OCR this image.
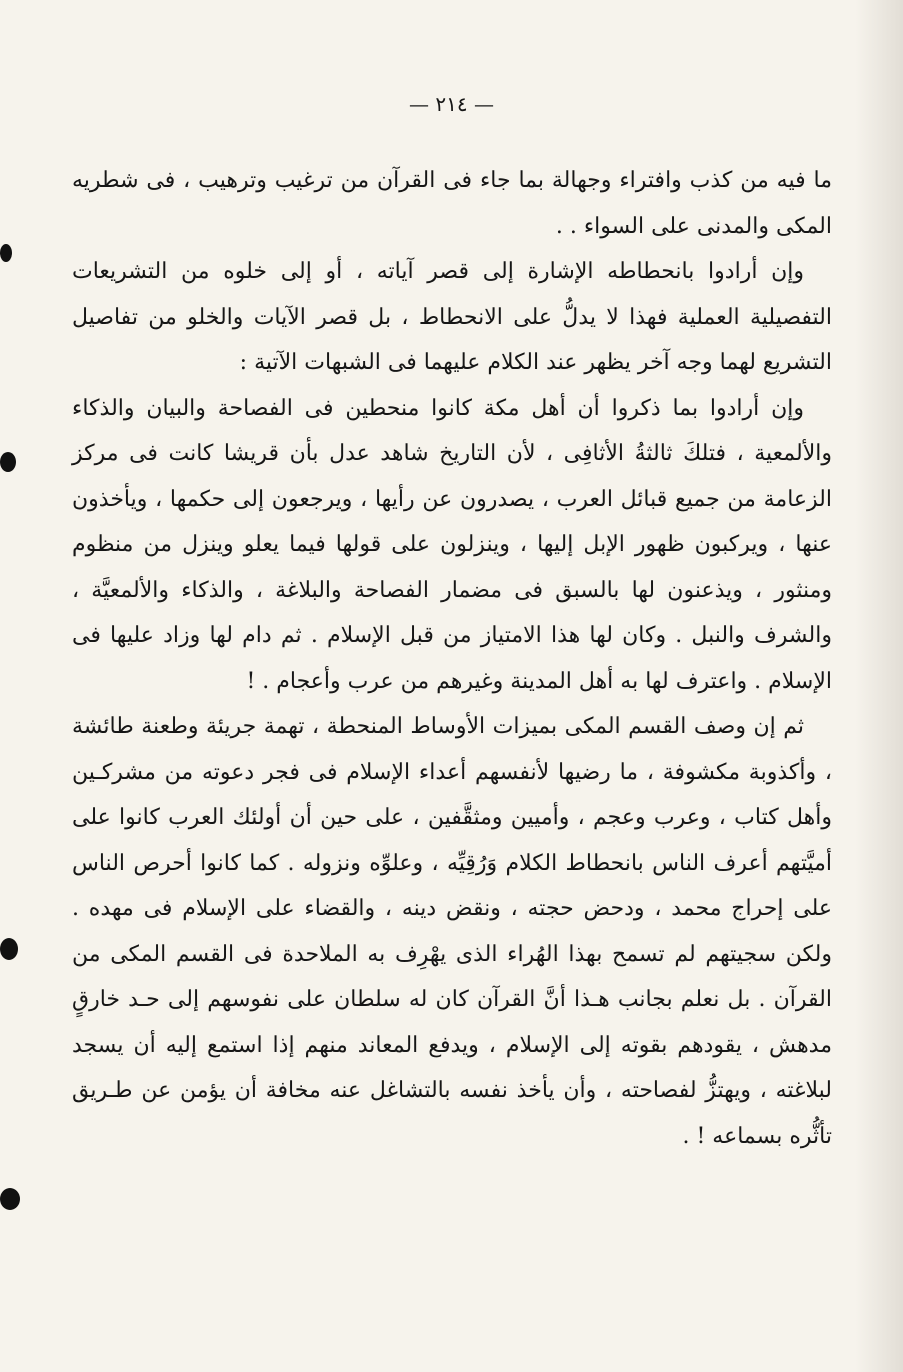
— ٢١٤ —

ما فيه من كذب وافتراء وجهالة بما جاء فى القرآن من ترغيب وترهيب ، فى شطريه المكى والمدنى على السواء . .

وإن أرادوا بانحطاطه الإشارة إلى قصر آياته ، أو إلى خلوه من التشريعات التفصيلية العملية فهذا لا يدلُّ على الانحطاط ، بل قصر الآيات والخلو من تفاصيل التشريع لهما وجه آخر يظهر عند الكلام عليهما فى الشبهات الآتية :

وإن أرادوا بما ذكروا أن أهل مكة كانوا منحطين فى الفصاحة والبيان والذكاء والألمعية ، فتلكَ ثالثةُ الأثافِى ، لأن التاريخ شاهد عدل بأن قريشا كانت فى مركز الزعامة من جميع قبائل العرب ، يصدرون عن رأيها ، ويرجعون إلى حكمها ، ويأخذون عنها ، ويركبون ظهور الإبل إليها ، وينزلون على قولها فيما يعلو وينزل من منظوم ومنثور ، ويذعنون لها بالسبق فى مضمار الفصاحة والبلاغة ، والذكاء والألمعيَّة ، والشرف والنبل . وكان لها هذا الامتياز من قبل الإسلام . ثم دام لها وزاد عليها فى الإسلام . واعترف لها به أهل المدينة وغيرهم من عرب وأعجام . !

ثم إن وصف القسم المكى بميزات الأوساط المنحطة ، تهمة جريئة وطعنة طائشة ، وأكذوبة مكشوفة ، ما رضيها لأنفسهم أعداء الإسلام فى فجر دعوته من مشركـين وأهل كتاب ، وعرب وعجم ، وأميين ومثقَّفين ، على حين أن أولئك العرب كانوا على أميَّتهم أعرف الناس بانحطاط الكلام وَرُقِيِّه ، وعلوِّه ونزوله . كما كانوا أحرص الناس على إحراج محمد ، ودحض حجته ، ونقض دينه ، والقضاء على الإسلام فى مهده . ولكن سجيتهم لم تسمح بهذا الهُراء الذى يهْرِف به الملاحدة فى القسم المكى من القرآن . بل نعلم بجانب هـذا أنَّ القرآن كان له سلطان على نفوسهم إلى حـد خارقٍ مدهش ، يقودهم بقوته إلى الإسلام ، ويدفع المعاند منهم إذا استمع إليه أن يسجد لبلاغته ، ويهتزُّ لفصاحته ، وأن يأخذ نفسه بالتشاغل عنه مخافة أن يؤمن عن طـريق تأثُّره بسماعه ! .
